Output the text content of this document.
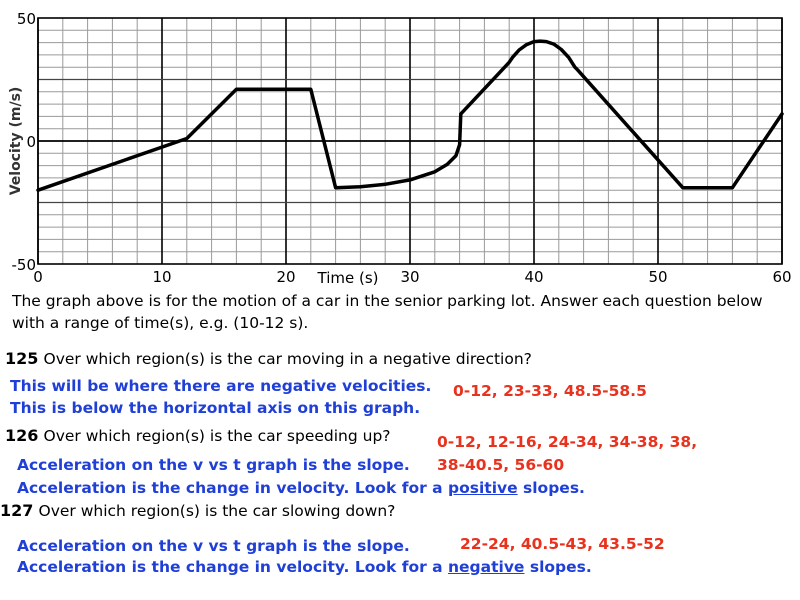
0	10	20	30	40	50	60
-50
0
50
Velocity (m/s)
Time (s)
The graph above is for the motion of a car in the senior parking lot. Answer each question below
with a range of time(s), e.g. (10-12 s).
125 Over which region(s) is the car moving in a negative direction?
This will be where there are negative velocities.
This is below the horizontal axis on this graph.
0-12, 23-33, 48.5-58.5
126 Over which region(s) is the car speeding up?	0-12, 12-16, 24-34, 34-38, 38,
38-40.5, 56-60
Acceleration on the v vs t graph is the slope.
Acceleration is the change in velocity. Look for a positive slopes.
127 Over which region(s) is the car slowing down?
Acceleration on the v vs t graph is the slope.	22-24, 40.5-43, 43.5-52
Acceleration is the change in velocity. Look for a negative slopes.
